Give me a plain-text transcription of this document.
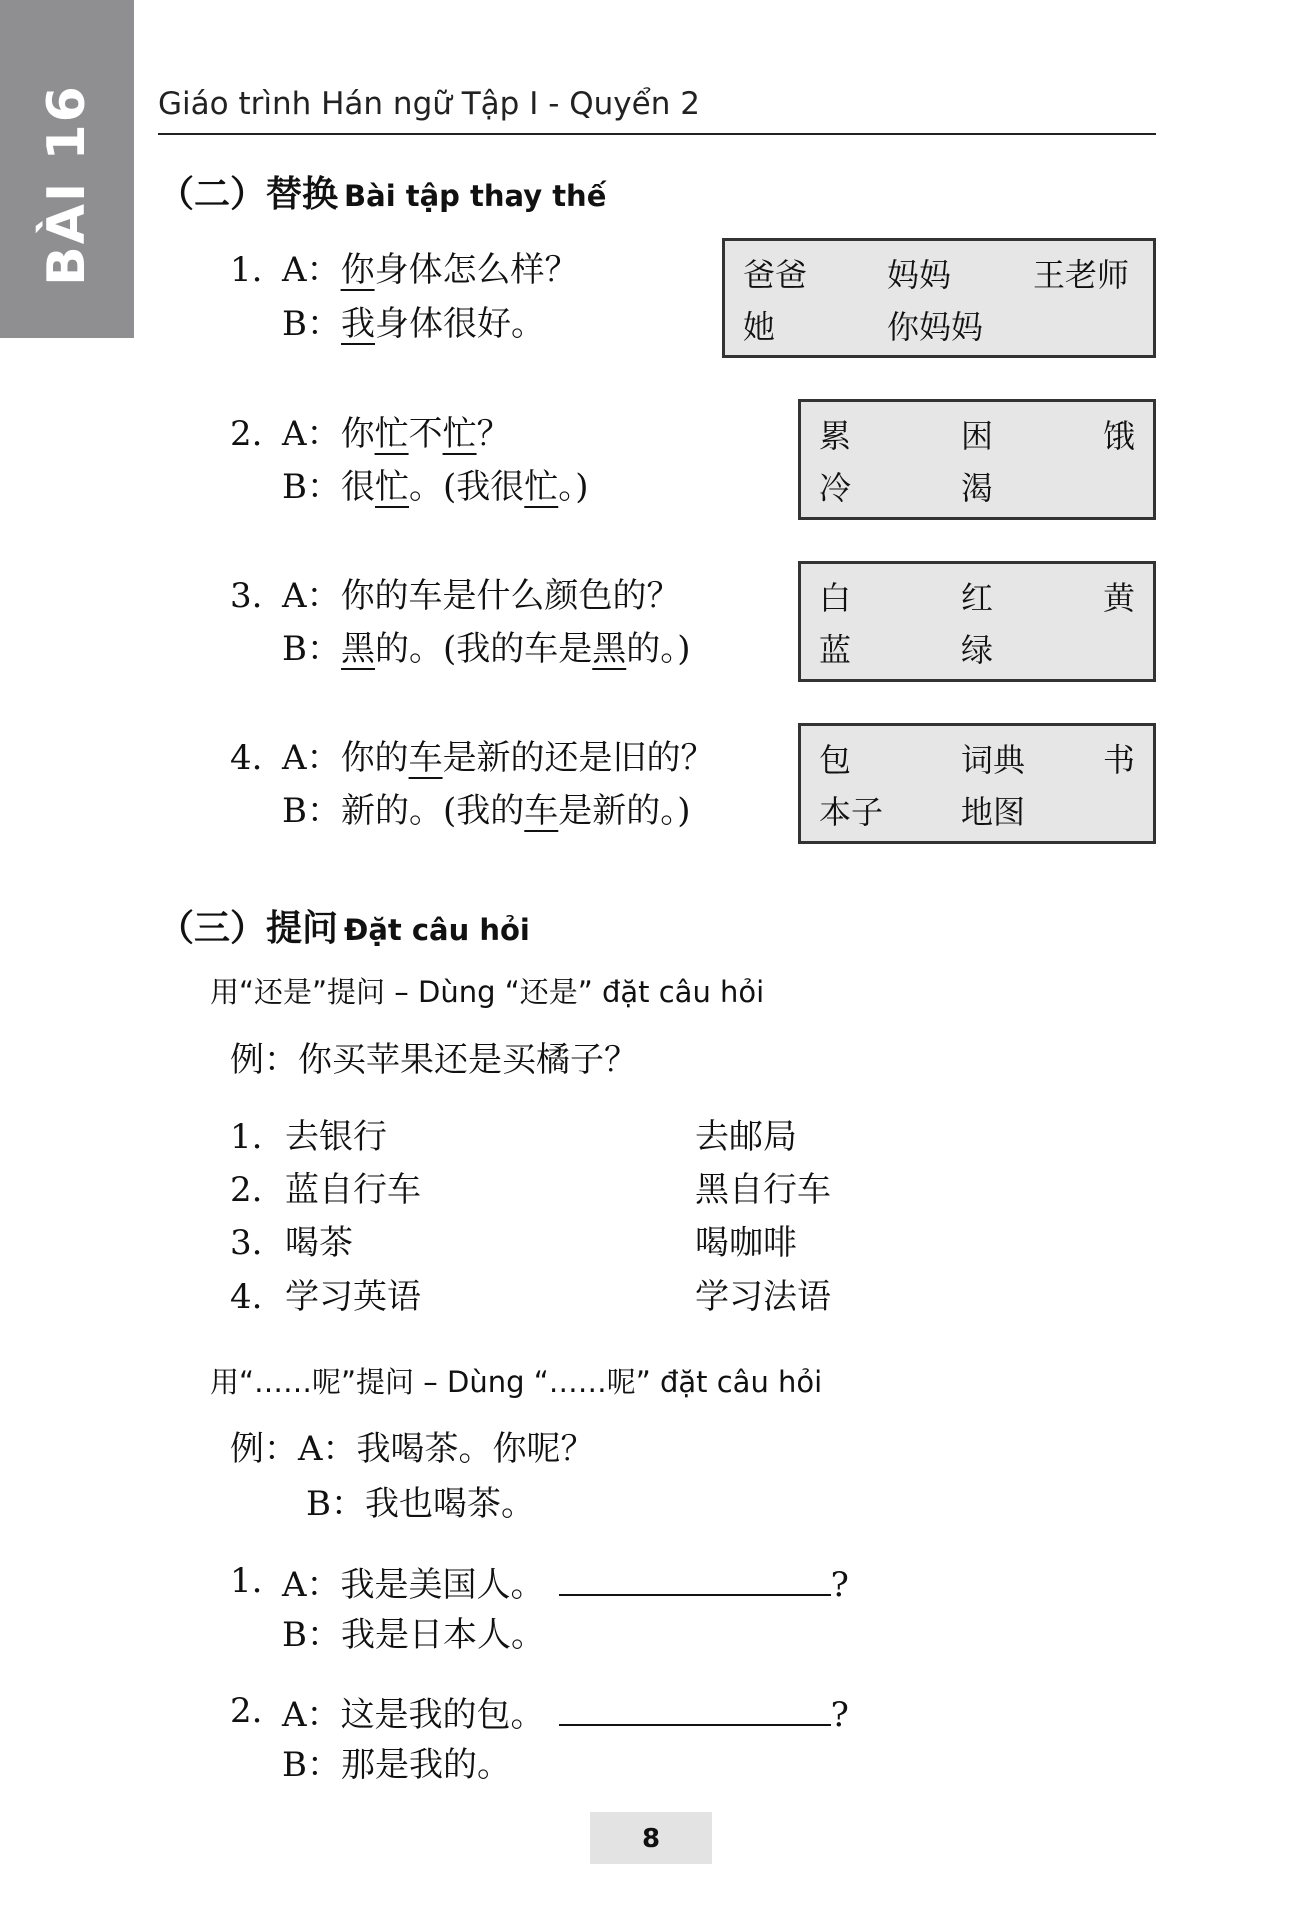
BÀI 16 Giáo trình Hán ngữ Tập I - Quyển 2
（二）替换 Bài tập thay thế
1. A：你身体怎么样？
B：我身体很好。
爸爸 妈妈	王老师
她	你妈妈
2. A：你忙不忙？
B：很忙。(我很忙。)
累	困	饿
冷	渴
3. A：你的车是什么颜色的？
B：黑的。(我的车是黑的。)
白	红	黄
蓝	绿
4. A：你的车是新的还是旧的？
B：新的。(我的车是新的。)
包	词典 书
本子 地图
（三）提问 Đặt câu hỏi
用“还是”提问 – Dùng “还是” đặt câu hỏi
例：你买苹果还是买橘子？
1. 去银行	去邮局
2. 蓝自行车	黑自行车
3. 喝茶	喝咖啡
4. 学习英语	学习法语
用“……呢”提问 – Dùng “……呢” đặt câu hỏi
例：A：我喝茶。你呢？
B：我也喝茶。
1. A：我是美国人。	?
B：我是日本人。
2. A：这是我的包。	?
B：那是我的。
8
